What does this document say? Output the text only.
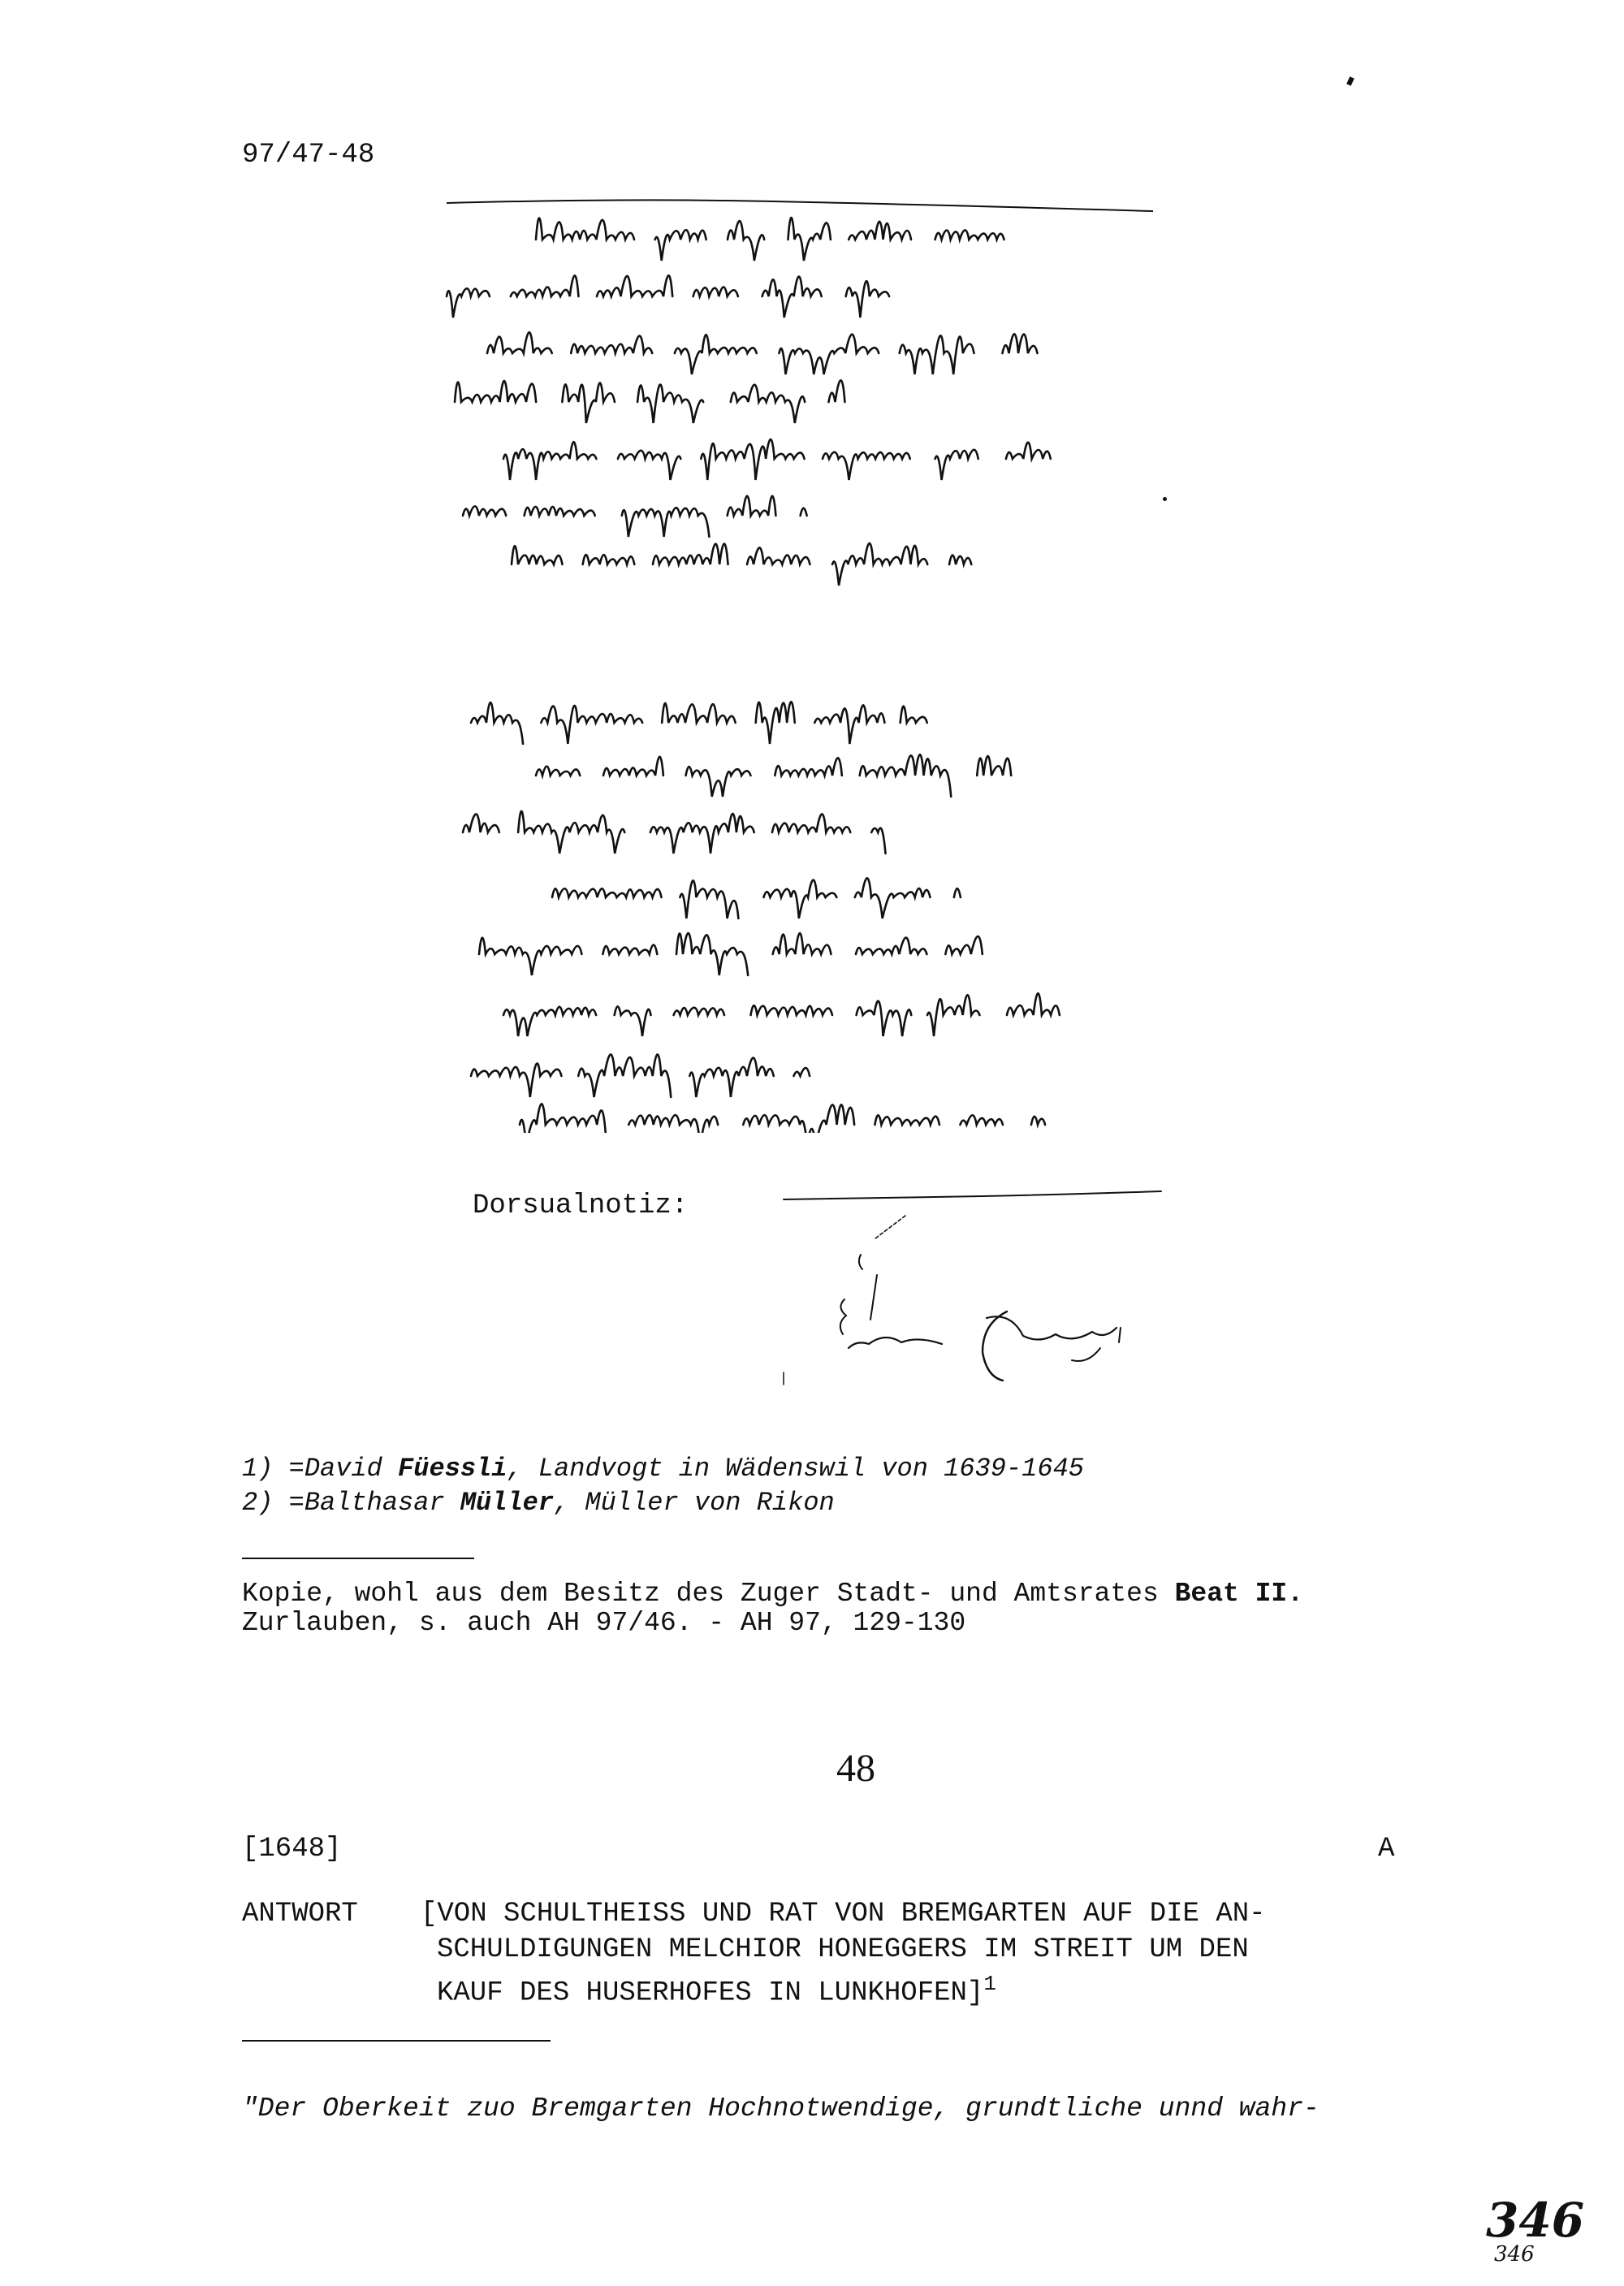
97/47-48
Dorsualnotiz:
1) =David Füessli, Landvogt in Wädenswil von 1639-1645
2) =Balthasar Müller, Müller von Rikon
Kopie, wohl aus dem Besitz des Zuger Stadt- und Amtsrates Beat II.
Zurlauben, s. auch AH 97/46. - AH 97, 129-130
48
[1648]	A
ANTWORT [VON SCHULTHEISS UND RAT VON BREMGARTEN AUF DIE AN-
SCHULDIGUNGEN MELCHIOR HONEGGERS IM STREIT UM DEN
KAUF DES HUSERHOFES IN LUNKHOFEN]$^1$
"Der Oberkeit zuo Bremgarten Hochnotwendige, grundtliche unnd wahr-
346
346
